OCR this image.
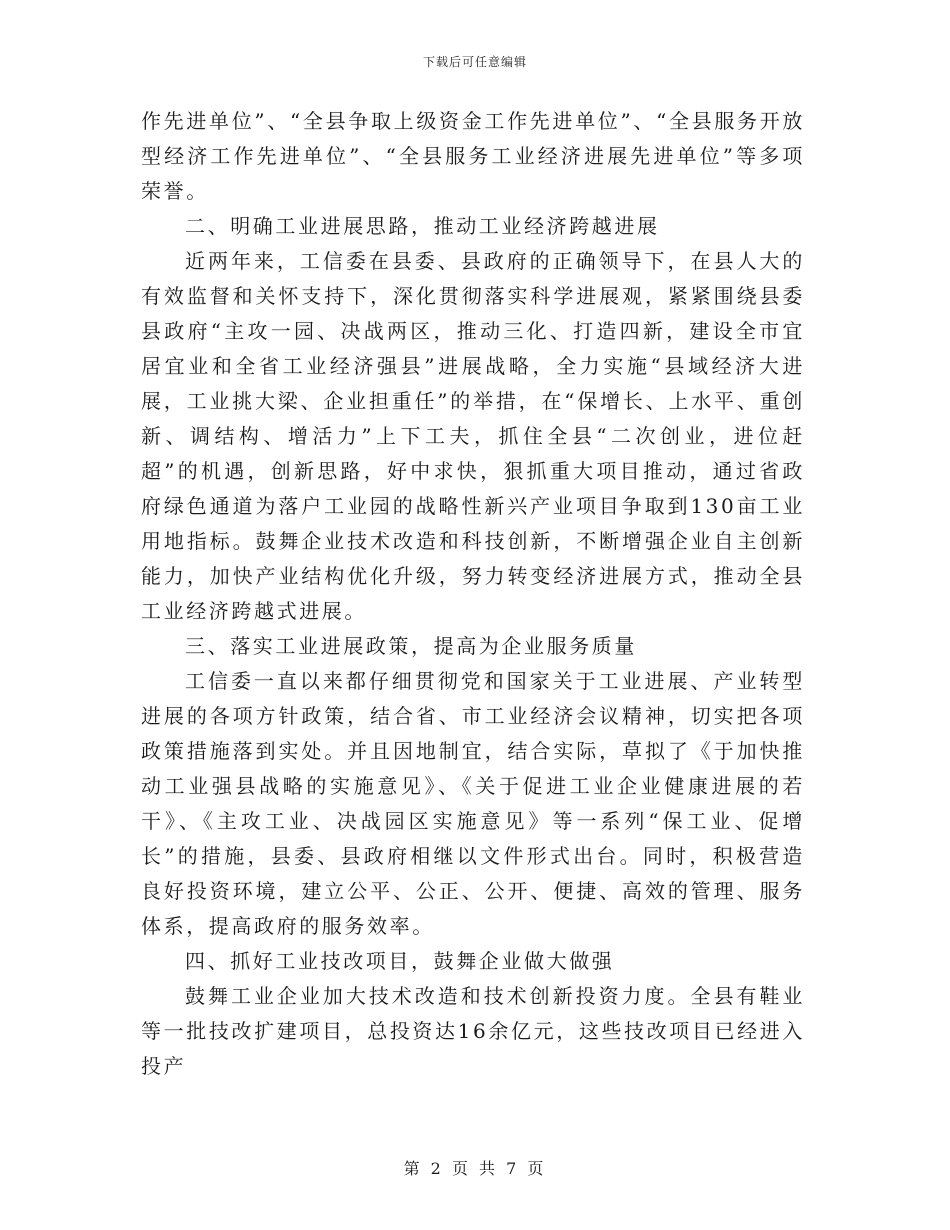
下载后可任意编辑

作先进单位”、“全县争取上级资金工作先进单位”、“全县服务开放型经济工作先进单位”、“全县服务工业经济进展先进单位”等多项荣誉。

二、明确工业进展思路，推动工业经济跨越进展

近两年来，工信委在县委、县政府的正确领导下，在县人大的有效监督和关怀支持下，深化贯彻落实科学进展观，紧紧围绕县委县政府“主攻一园、决战两区，推动三化、打造四新，建设全市宜居宜业和全省工业经济强县”进展战略，全力实施“县域经济大进展，工业挑大梁、企业担重任”的举措，在“保增长、上水平、重创新、调结构、增活力”上下工夫，抓住全县“二次创业，进位赶超”的机遇，创新思路，好中求快，狠抓重大项目推动，通过省政府绿色通道为落户工业园的战略性新兴产业项目争取到130亩工业用地指标。鼓舞企业技术改造和科技创新，不断增强企业自主创新能力，加快产业结构优化升级，努力转变经济进展方式，推动全县工业经济跨越式进展。

三、落实工业进展政策，提高为企业服务质量

工信委一直以来都仔细贯彻党和国家关于工业进展、产业转型进展的各项方针政策，结合省、市工业经济会议精神，切实把各项政策措施落到实处。并且因地制宜，结合实际，草拟了《于加快推动工业强县战略的实施意见》、《关于促进工业企业健康进展的若干》、《主攻工业、决战园区实施意见》等一系列“保工业、促增长”的措施，县委、县政府相继以文件形式出台。同时，积极营造良好投资环境，建立公平、公正、公开、便捷、高效的管理、服务体系，提高政府的服务效率。

四、抓好工业技改项目，鼓舞企业做大做强

鼓舞工业企业加大技术改造和技术创新投资力度。全县有鞋业等一批技改扩建项目，总投资达16余亿元，这些技改项目已经进入投产

第 2 页 共 7 页
